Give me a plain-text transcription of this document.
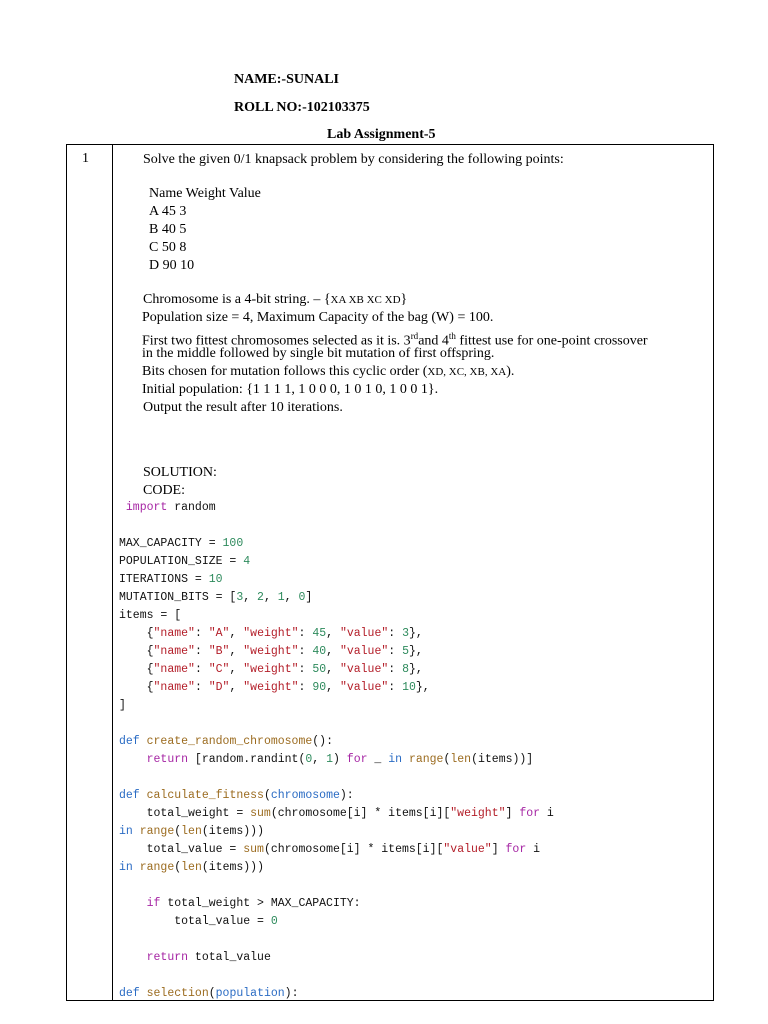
NAME:-SUNALI
ROLL NO:-102103375
Lab Assignment-5
1	Solve the given 0/1 knapsack problem by considering the following points:
Name Weight Value
A 45 3
B 40 5
C 50 8
D 90 10
Chromosome is a 4-bit string. – {XA XB XC XD}
Population size = 4, Maximum Capacity of the bag (W) = 100.
First two fittest chromosomes selected as it is. 3rdand 4th fittest use for one-point crossover
in the middle followed by single bit mutation of first offspring.
Bits chosen for mutation follows this cyclic order (XD, XC, XB, XA).
Initial population: {1 1 1 1, 1 0 0 0, 1 0 1 0, 1 0 0 1}.
Output the result after 10 iterations.
SOLUTION:
CODE:
import random
MAX_CAPACITY = 100
POPULATION_SIZE = 4
ITERATIONS = 10
MUTATION_BITS = [3, 2, 1, 0]
items = [
{"name": "A", "weight": 45, "value": 3},
{"name": "B", "weight": 40, "value": 5},
{"name": "C", "weight": 50, "value": 8},
{"name": "D", "weight": 90, "value": 10},
]
def create_random_chromosome():
return [random.randint(0, 1) for _ in range(len(items))]
def calculate_fitness(chromosome):
total_weight = sum(chromosome[i] * items[i]["weight"] for i
in range(len(items)))
total_value = sum(chromosome[i] * items[i]["value"] for i
in range(len(items)))
if total_weight > MAX_CAPACITY:
total_value = 0
return total_value
def selection(population):
